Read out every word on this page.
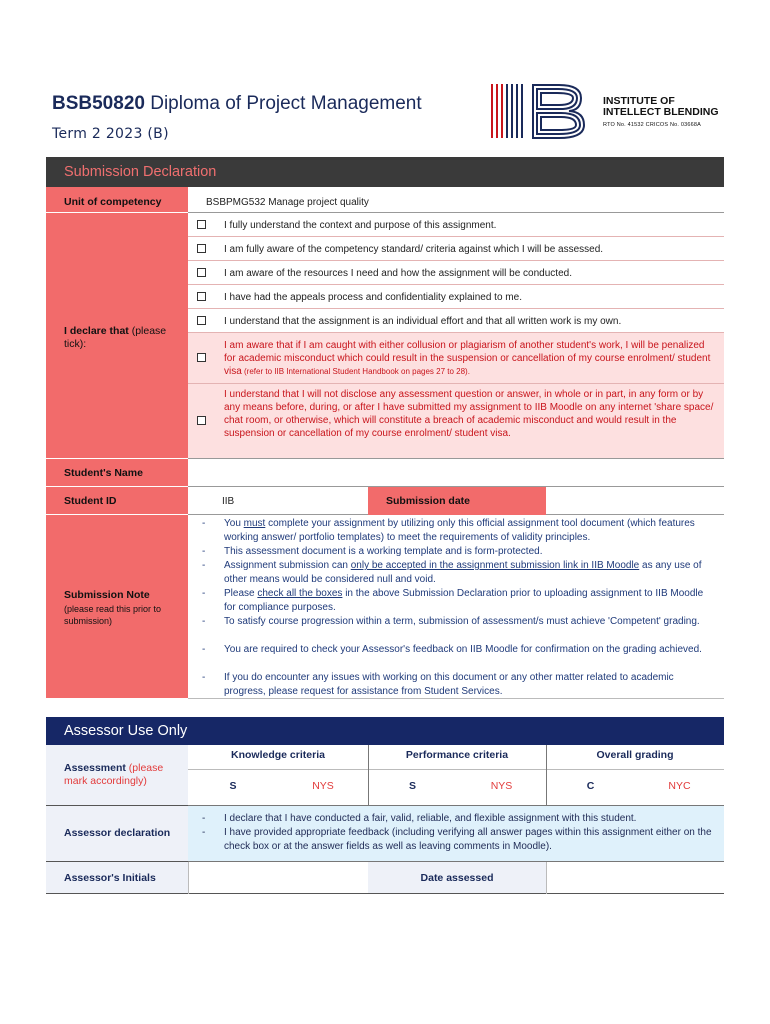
BSB50820 Diploma of Project Management
Term 2 2023 (B)
INSTITUTE OF
INTELLECT BLENDING
RTO No. 41532 CRICOS No. 03668A
Submission Declaration
Unit of competency	BSBPMG532 Manage project quality
I declare that (please
tick):
I fully understand the context and purpose of this assignment.
I am fully aware of the competency standard/ criteria against which I will be assessed.
I am aware of the resources I need and how the assignment will be conducted.
I have had the appeals process and confidentiality explained to me.
I understand that the assignment is an individual effort and that all written work is my own.
I am aware that if I am caught with either collusion or plagiarism of another student's work, I will be penalized for academic misconduct which could result in the suspension or cancellation of my course enrolment/ student visa (refer to IIB International Student Handbook on pages 27 to 28).
I understand that I will not disclose any assessment question or answer, in whole or in part, in any form or by any means before, during, or after I have submitted my assignment to IIB Moodle on any internet 'share space/ chat room, or otherwise, which will constitute a breach of academic misconduct and would result in the suspension or cancellation of my course enrolment/ student visa.
Student's Name
Student ID	IIB	Submission date
Submission Note
(please read this prior to submission)
- You must complete your assignment by utilizing only this official assignment tool document (which features working answer/ portfolio templates) to meet the requirements of validity principles.
- This assessment document is a working template and is form-protected.
- Assignment submission can only be accepted in the assignment submission link in IIB Moodle as any use of other means would be considered null and void.
- Please check all the boxes in the above Submission Declaration prior to uploading assignment to IIB Moodle for compliance purposes.
- To satisfy course progression within a term, submission of assessment/s must achieve 'Competent' grading.
- You are required to check your Assessor's feedback on IIB Moodle for confirmation on the grading achieved.
- If you do encounter any issues with working on this document or any other matter related to academic progress, please request for assistance from Student Services.
Assessor Use Only
Assessment (please
mark accordingly)
Knowledge criteria	Performance criteria	Overall grading
S	NYS	S	NYS	C	NYC
Assessor declaration
- I declare that I have conducted a fair, valid, reliable, and flexible assignment with this student.
- I have provided appropriate feedback (including verifying all answer pages within this assignment either on the check box or at the answer fields as well as leaving comments in Moodle).
Assessor's Initials	Date assessed
